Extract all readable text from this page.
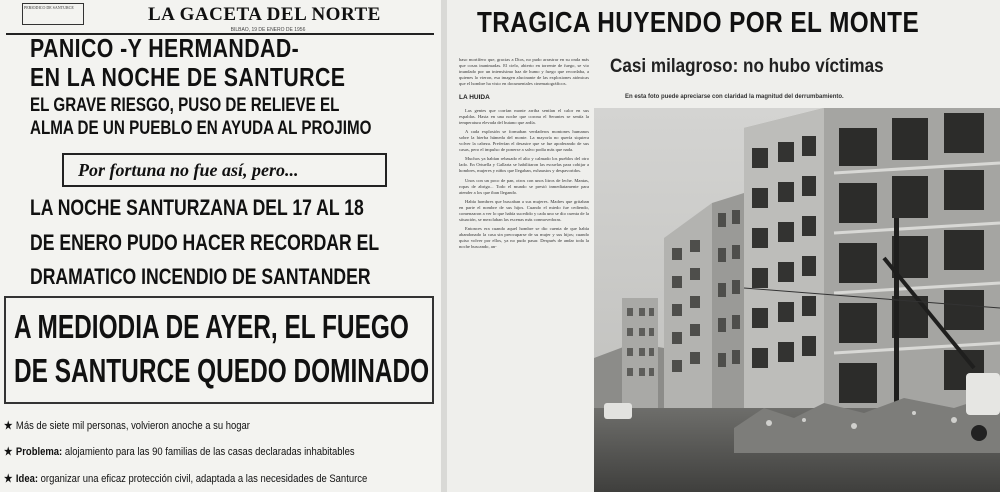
PERIODICO DE SANTURCE	LA GACETA DEL NORTE
BILBAO, 19 DE ENERO DE 1956
PANICO -Y HERMANDAD-
EN LA NOCHE DE SANTURCE
EL GRAVE RIESGO, PUSO DE RELIEVE EL
ALMA DE UN PUEBLO EN AYUDA AL PROJIMO
Por fortuna no fue así, pero...
LA NOCHE SANTURZANA DEL 17 AL 18
DE ENERO PUDO HACER RECORDAR EL
DRAMATICO INCENDIO DE SANTANDER
A MEDIODIA DE AYER, EL FUEGO
DE SANTURCE QUEDO DOMINADO
★ Más de siete mil personas, volvieron anoche a su hogar
★ Problema: alojamiento para las 90 familias de las casas declaradas inhabitables
★ Idea: organizar una eficaz protección civil, adaptada a las necesidades de Santurce
TRAGICA HUYENDO POR EL MONTE
Casi milagroso: no hubo víctimas
En esta foto puede apreciarse con claridad la magnitud del derrumbamiento.

baso mortífero que, gracias a Dios, no pudo arrastrar en su onda más que cosas inanimadas. El cielo, abierto en torrente de fuego, se vio inundado por un intensísimo haz de humo y fuego que recordaba, a quienes lo vieron, esa imagen alucinante de las explosiones atómicas que el hombre ha visto en documentales cinematográficos.

LA HUIDA

Las gentes que corrían monte arriba sentían el calor en sus espaldas. Hasta en una noche que corona el Serantes se sentía la temperatura elevada del butano que ardía.

A cada explosión se formaban verdaderos montones humanos sobre la hierba húmeda del monte. La mayoría no quería siquiera volver la cabeza. Preferían el desastre que se fue apoderando de sus casas, pero el impulso de ponerse a salvo podía más que nada.

Muchos ya habían rebasado el alto y calmado los pueblos del otro lado. En Ortuella y Gallarta se habilitaron las escuelas para cobijar a hombres, mujeres y niños que llegaban, exhaustos y despavoridos.

Unos con un poco de pan, otros con unos litros de leche. Mantas, ropas de abrigo... Todo el mundo se prestó inmediatamente para atender a los que iban llegando.

Había hombres que buscaban a sus mujeres. Madres que gritaban en parte el nombre de sus hijos. Cuando el miedo fue cediendo, comenzaron a ver lo que había sucedido y cada uno se dio cuenta de la situación, se mezclaban las escenas más conmovedoras.

Entonces era cuando aquel hombre se dio cuenta de que había abandonado la casa sin preocuparse de su mujer y sus hijos; cuando quiso volver por ellos, ya no pudo pasar. Después de andar toda la noche buscando, an-
